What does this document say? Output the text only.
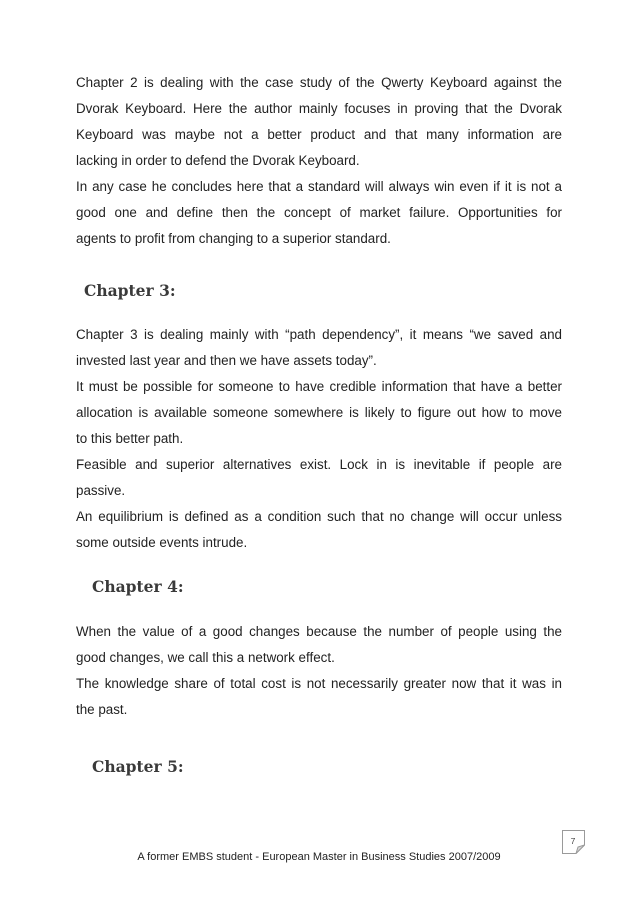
Chapter 2 is dealing with the case study of the Qwerty Keyboard against the
Dvorak Keyboard. Here the author mainly focuses in proving that the Dvorak
Keyboard was maybe not a better product and that many information are
lacking in order to defend the Dvorak Keyboard.
In any case he concludes here that a standard will always win even if it is not a
good one and define then the concept of market failure. Opportunities for
agents to profit from changing to a superior standard.
Chapter 3:
Chapter 3 is dealing mainly with “path dependency”, it means “we saved and
invested last year and then we have assets today”.
It must be possible for someone to have credible information that have a better
allocation is available someone somewhere is likely to figure out how to move
to this better path.
Feasible and superior alternatives exist. Lock in is inevitable if people are
passive.
An equilibrium is defined as a condition such that no change will occur unless
some outside events intrude.
Chapter 4:
When the value of a good changes because the number of people using the
good changes, we call this a network effect.
The knowledge share of total cost is not necessarily greater now that it was in
the past.
Chapter 5:
7
A former EMBS student - European Master in Business Studies 2007/2009
